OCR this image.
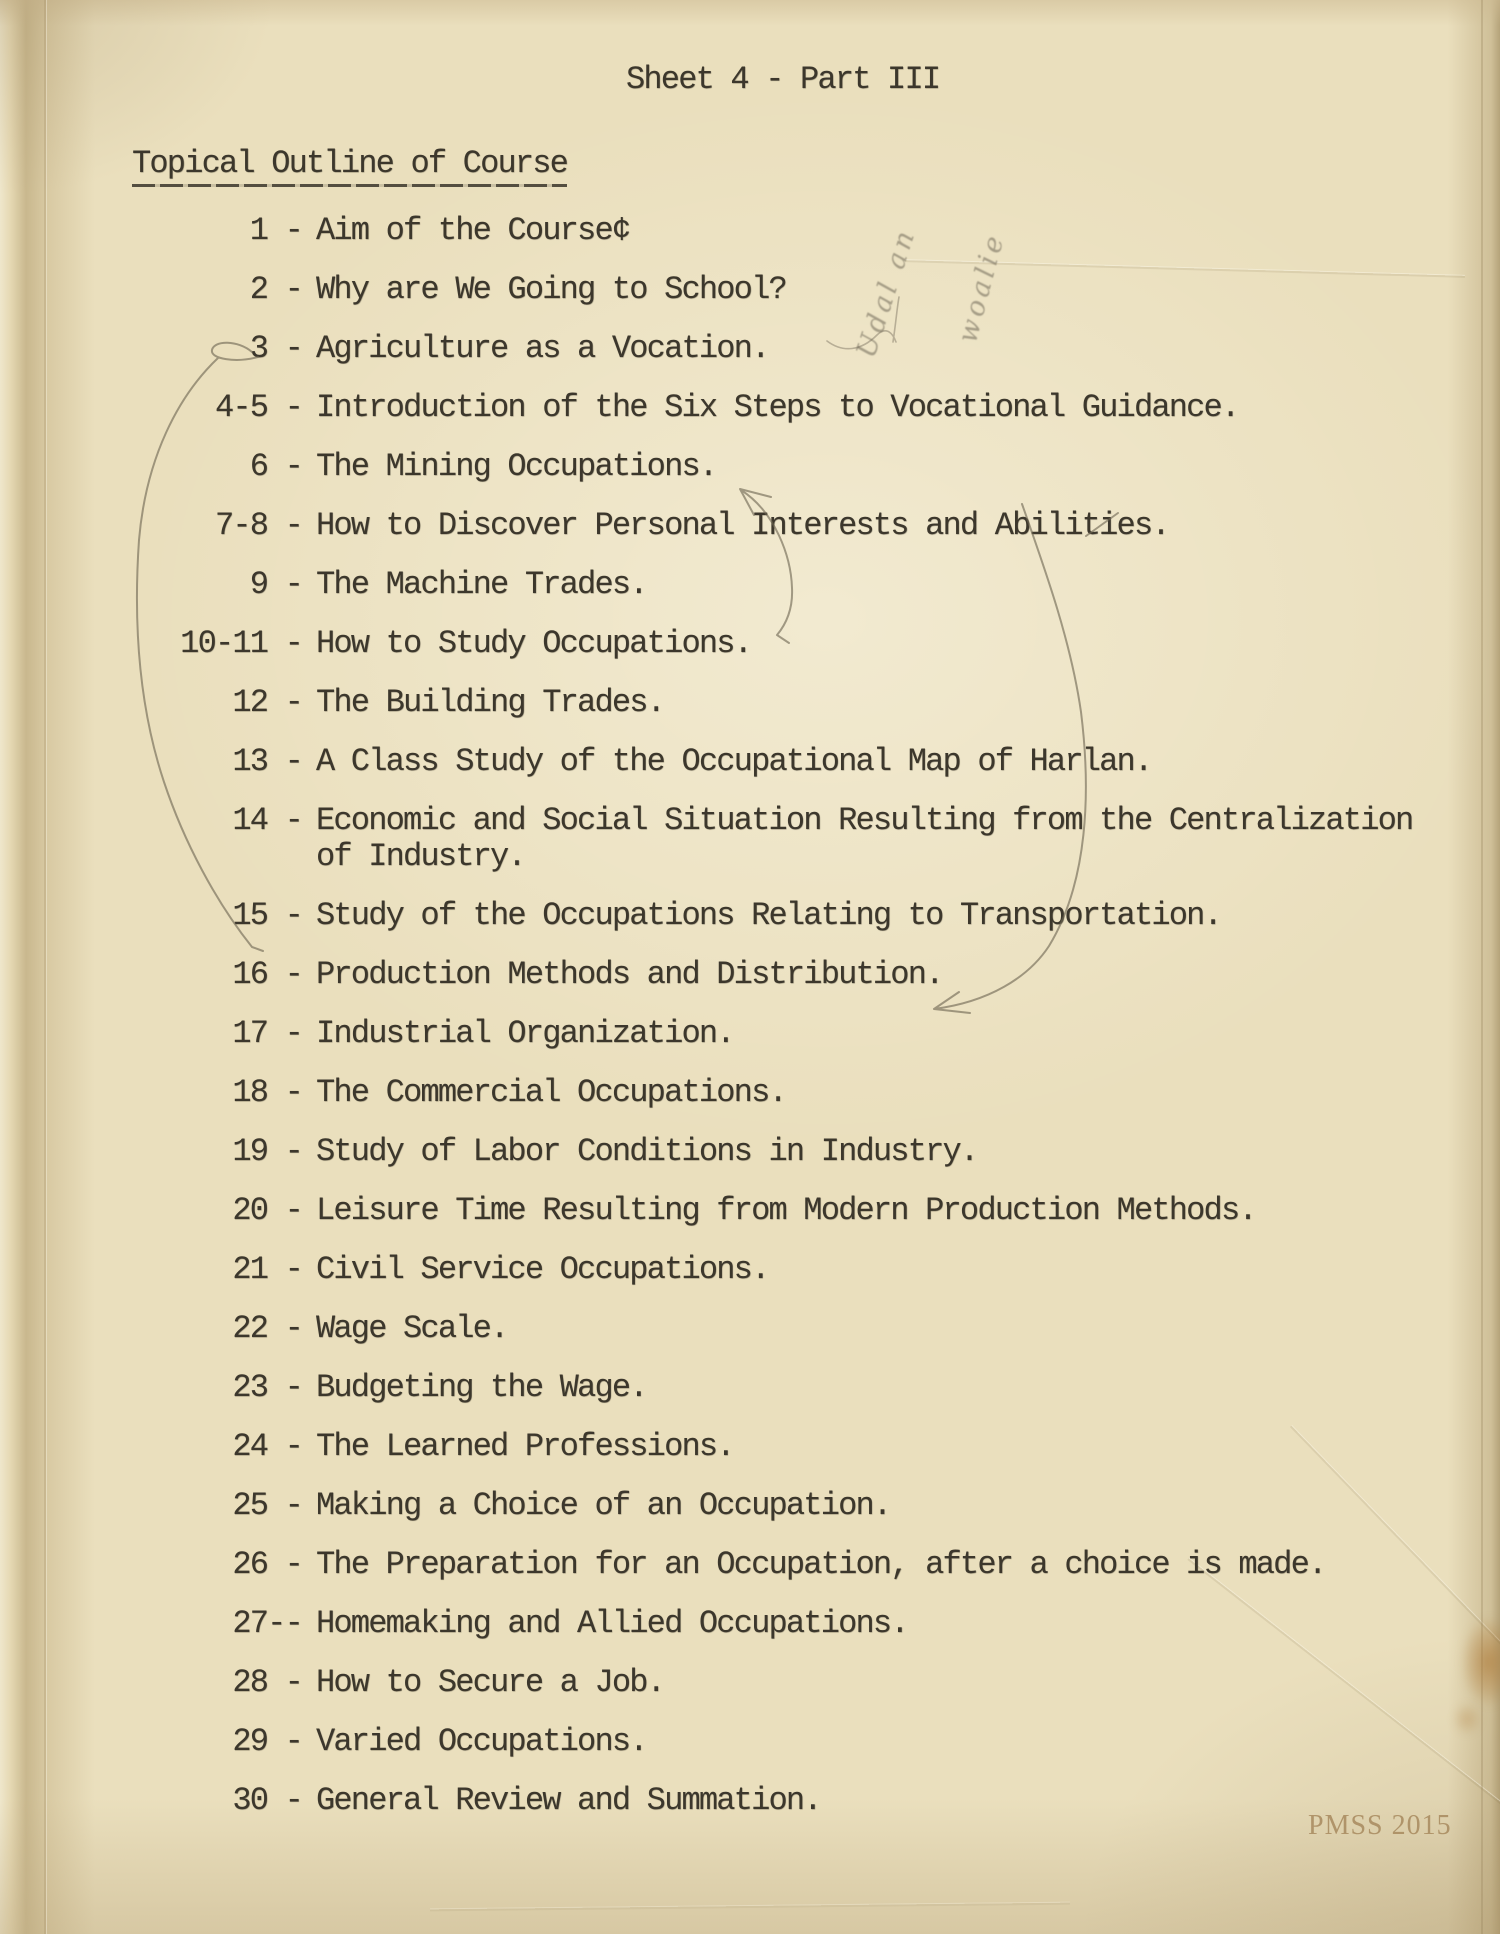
Sheet 4 - Part III
Topical Outline of Course
1 - Aim of the Course¢
2 - Why are We Going to School?
3 - Agriculture as a Vocation.
4-5 - Introduction of the Six Steps to Vocational Guidance.
6 - The Mining Occupations.
7-8 - How to Discover Personal Interests and Abilities.
9 - The Machine Trades.
10-11 - How to Study Occupations.
12 - The Building Trades.
13 - A Class Study of the Occupational Map of Harlan.
14 - Economic and Social Situation Resulting from the Centralization of Industry.
15 - Study of the Occupations Relating to Transportation.
16 - Production Methods and Distribution.
17 - Industrial Organization.
18 - The Commercial Occupations.
19 - Study of Labor Conditions in Industry.
20 - Leisure Time Resulting from Modern Production Methods.
21 - Civil Service Occupations.
22 - Wage Scale.
23 - Budgeting the Wage.
24 - The Learned Professions.
25 - Making a Choice of an Occupation.
26 - The Preparation for an Occupation, after a choice is made.
27-- Homemaking and Allied Occupations.
28 - How to Secure a Job.
29 - Varied Occupations.
30 - General Review and Summation.
Udal an woalie
PMSS 2015
